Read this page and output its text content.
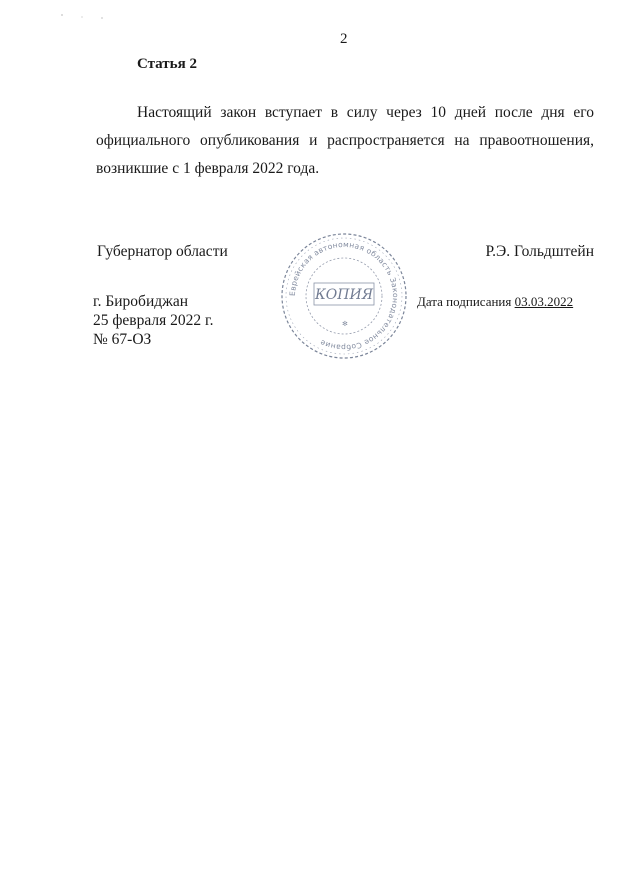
2
Статья 2

Настоящий закон вступает в силу через 10 дней после дня его официального опубликования и распространяется на правоотношения, возникшие с 1 февраля 2022 года.

Губернатор области	Р.Э. Гольдштейн
Еврейская автономная область Законодательное Собрание
КОПИЯ
✻
г. Биробиджан
25 февраля 2022 г.
№ 67-ОЗ
Дата подписания 03.03.2022
